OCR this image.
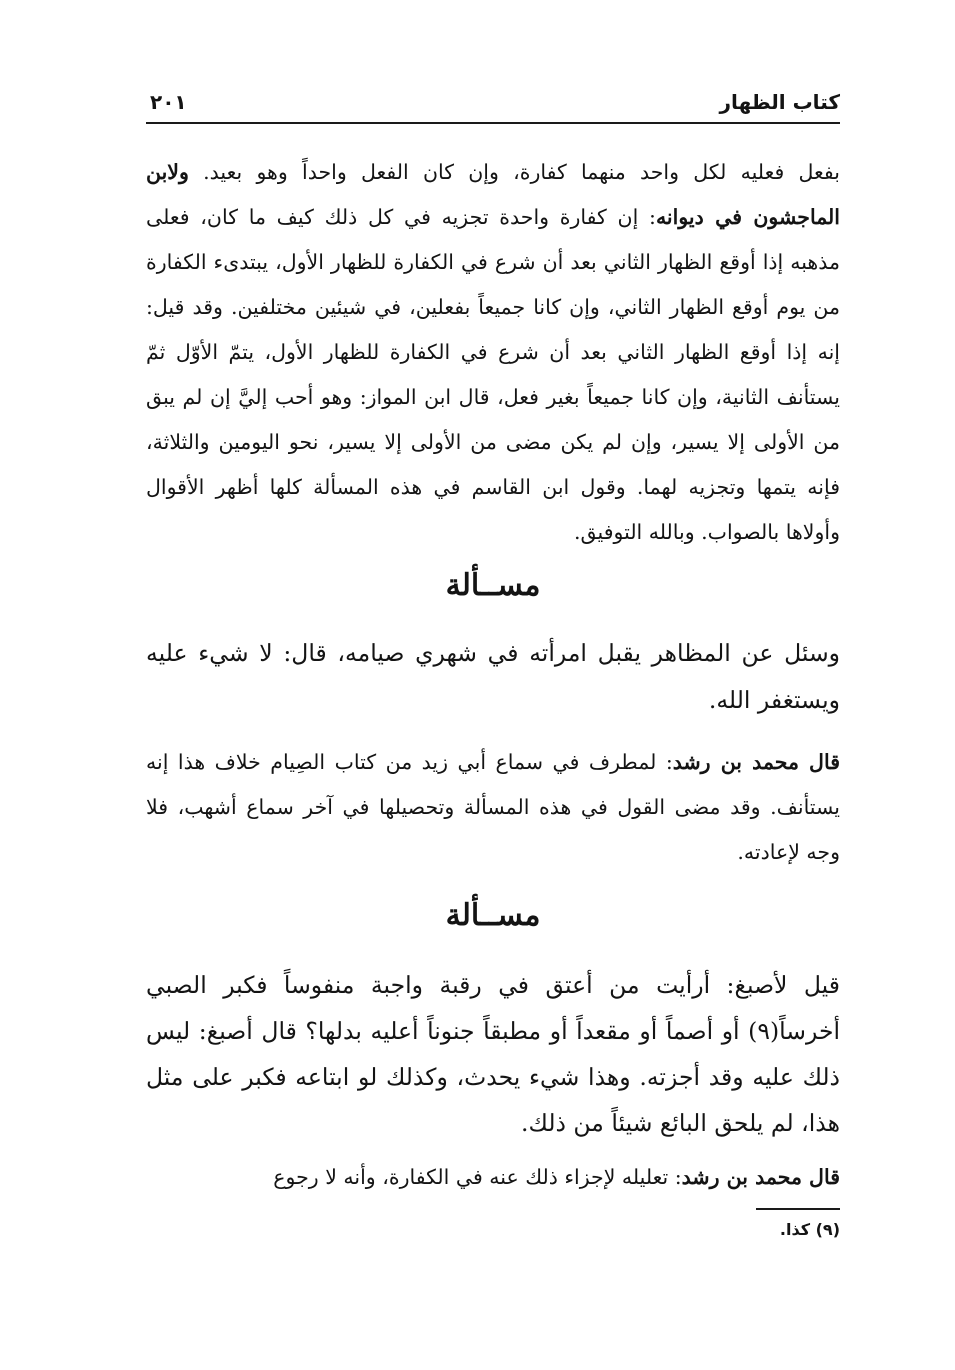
كتاب الظهار
٢٠١
بفعل فعليه لكل واحد منهما كفارة، وإن كان الفعل واحداً وهو بعيد. ولابن الماجشون في ديوانه: إن كفارة واحدة تجزيه في كل ذلك كيف ما كان، فعلى مذهبه إذا أوقع الظهار الثاني بعد أن شرع في الكفارة للظهار الأول، يبتدىء الكفارة من يوم أوقع الظهار الثاني، وإن كانا جميعاً بفعلين، في شيئين مختلفين. وقد قيل: إنه إذا أوقع الظهار الثاني بعد أن شرع في الكفارة للظهار الأول، يتمّ الأوّل ثمّ يستأنف الثانية، وإن كانا جميعاً بغير فعل، قال ابن المواز: وهو أحب إليَّ إن لم يبق من الأولى إلا يسير، وإن لم يكن مضى من الأولى إلا يسير، نحو اليومين والثلاثة، فإنه يتمها وتجزيه لهما. وقول ابن القاسم في هذه المسألة كلها أظهر الأقوال وأولاها بالصواب. وبالله التوفيق.
مســألة
وسئل عن المظاهر يقبل امرأته في شهري صيامه، قال: لا شيء عليه ويستغفر الله.
قال محمد بن رشد: لمطرف في سماع أبي زيد من كتاب الصِيام خلاف هذا إنه يستأنف. وقد مضى القول في هذه المسألة وتحصيلها في آخر سماع أشهب، فلا وجه لإعادته.
مســألة
قيل لأصبغ: أرأيت من أعتق في رقبة واجبة منفوساً فكبر الصبي أخرساً(٩) أو أصماً أو مقعداً أو مطبقاً جنوناً أعليه بدلها؟ قال أصبغ: ليس ذلك عليه وقد أجزته. وهذا شيء يحدث، وكذلك لو ابتاعه فكبر على مثل هذا، لم يلحق البائع شيئاً من ذلك.
قال محمد بن رشد: تعليله لإجزاء ذلك عنه في الكفارة، وأنه لا رجوع
(٩) كذا.
